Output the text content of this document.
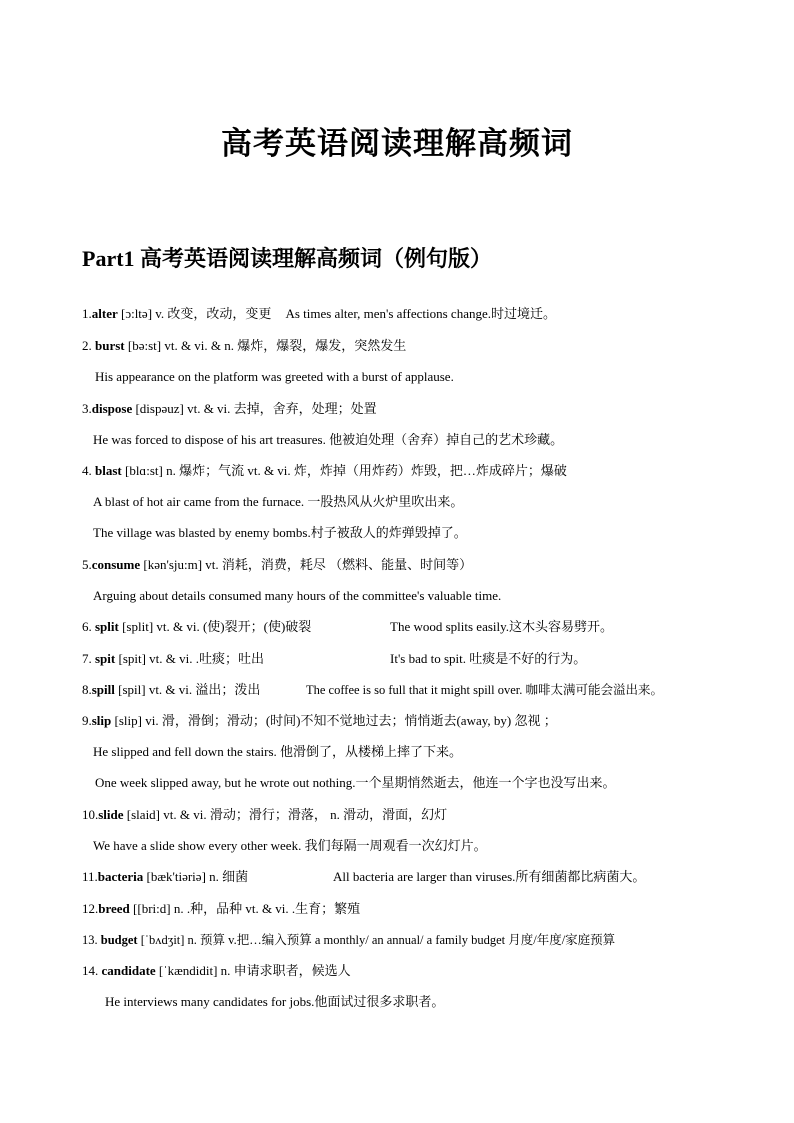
高考英语阅读理解高频词
Part1 高考英语阅读理解高频词（例句版）
1.alter [ɔ:ltə] v. 改变，改动，变更 As times alter, men's affections change.时过境迁。
2. burst [bə:st] vt. & vi. & n. 爆炸，爆裂，爆发，突然发生
His appearance on the platform was greeted with a burst of applause.
3.dispose [dispəuz] vt. & vi. 去掉，舍弃，处理；处置
He was forced to dispose of his art treasures. 他被迫处理（舍弃）掉自己的艺术珍藏。
4. blast [blɑ:st] n. 爆炸；气流 vt. & vi. 炸，炸掉（用炸药）炸毁，把…炸成碎片；爆破
A blast of hot air came from the furnace. 一股热风从火炉里吹出来。
The village was blasted by enemy bombs.村子被敌人的炸弹毁掉了。
5.consume [kən'sju:m] vt. 消耗，消费，耗尽 （燃料、能量、时间等）
Arguing about details consumed many hours of the committee's valuable time.
6. split [split] vt. & vi. (使)裂开；(使)破裂	The wood splits easily.这木头容易劈开。
7. spit [spit] vt. & vi. .吐痰；吐出	It's bad to spit. 吐痰是不好的行为。
8.spill [spil] vt. & vi. 溢出；泼出	The coffee is so full that it might spill over. 咖啡太满可能会溢出来。
9.slip [slip] vi. 滑，滑倒；滑动；(时间)不知不觉地过去；悄悄逝去(away, by) 忽视 ；
He slipped and fell down the stairs. 他滑倒了，从楼梯上摔了下来。
One week slipped away, but he wrote out nothing.一个星期悄然逝去，他连一个字也没写出来。
10.slide [slaid] vt. & vi. 滑动；滑行；滑落， n. 滑动，滑面，幻灯
We have a slide show every other week. 我们每隔一周观看一次幻灯片。
11.bacteria [bæk'tiəriə] n. 细菌	All bacteria are larger than viruses.所有细菌都比病菌大。
12.breed [[bri:d] n. .种，品种 vt. & vi. .生育；繁殖
13. budget [ˈbʌdʒit] n. 预算 v.把…编入预算 a monthly/ an annual/ a family budget 月度/年度/家庭预算
14. candidate [ˈkændidit] n. 申请求职者，候选人
He interviews many candidates for jobs.他面试过很多求职者。
